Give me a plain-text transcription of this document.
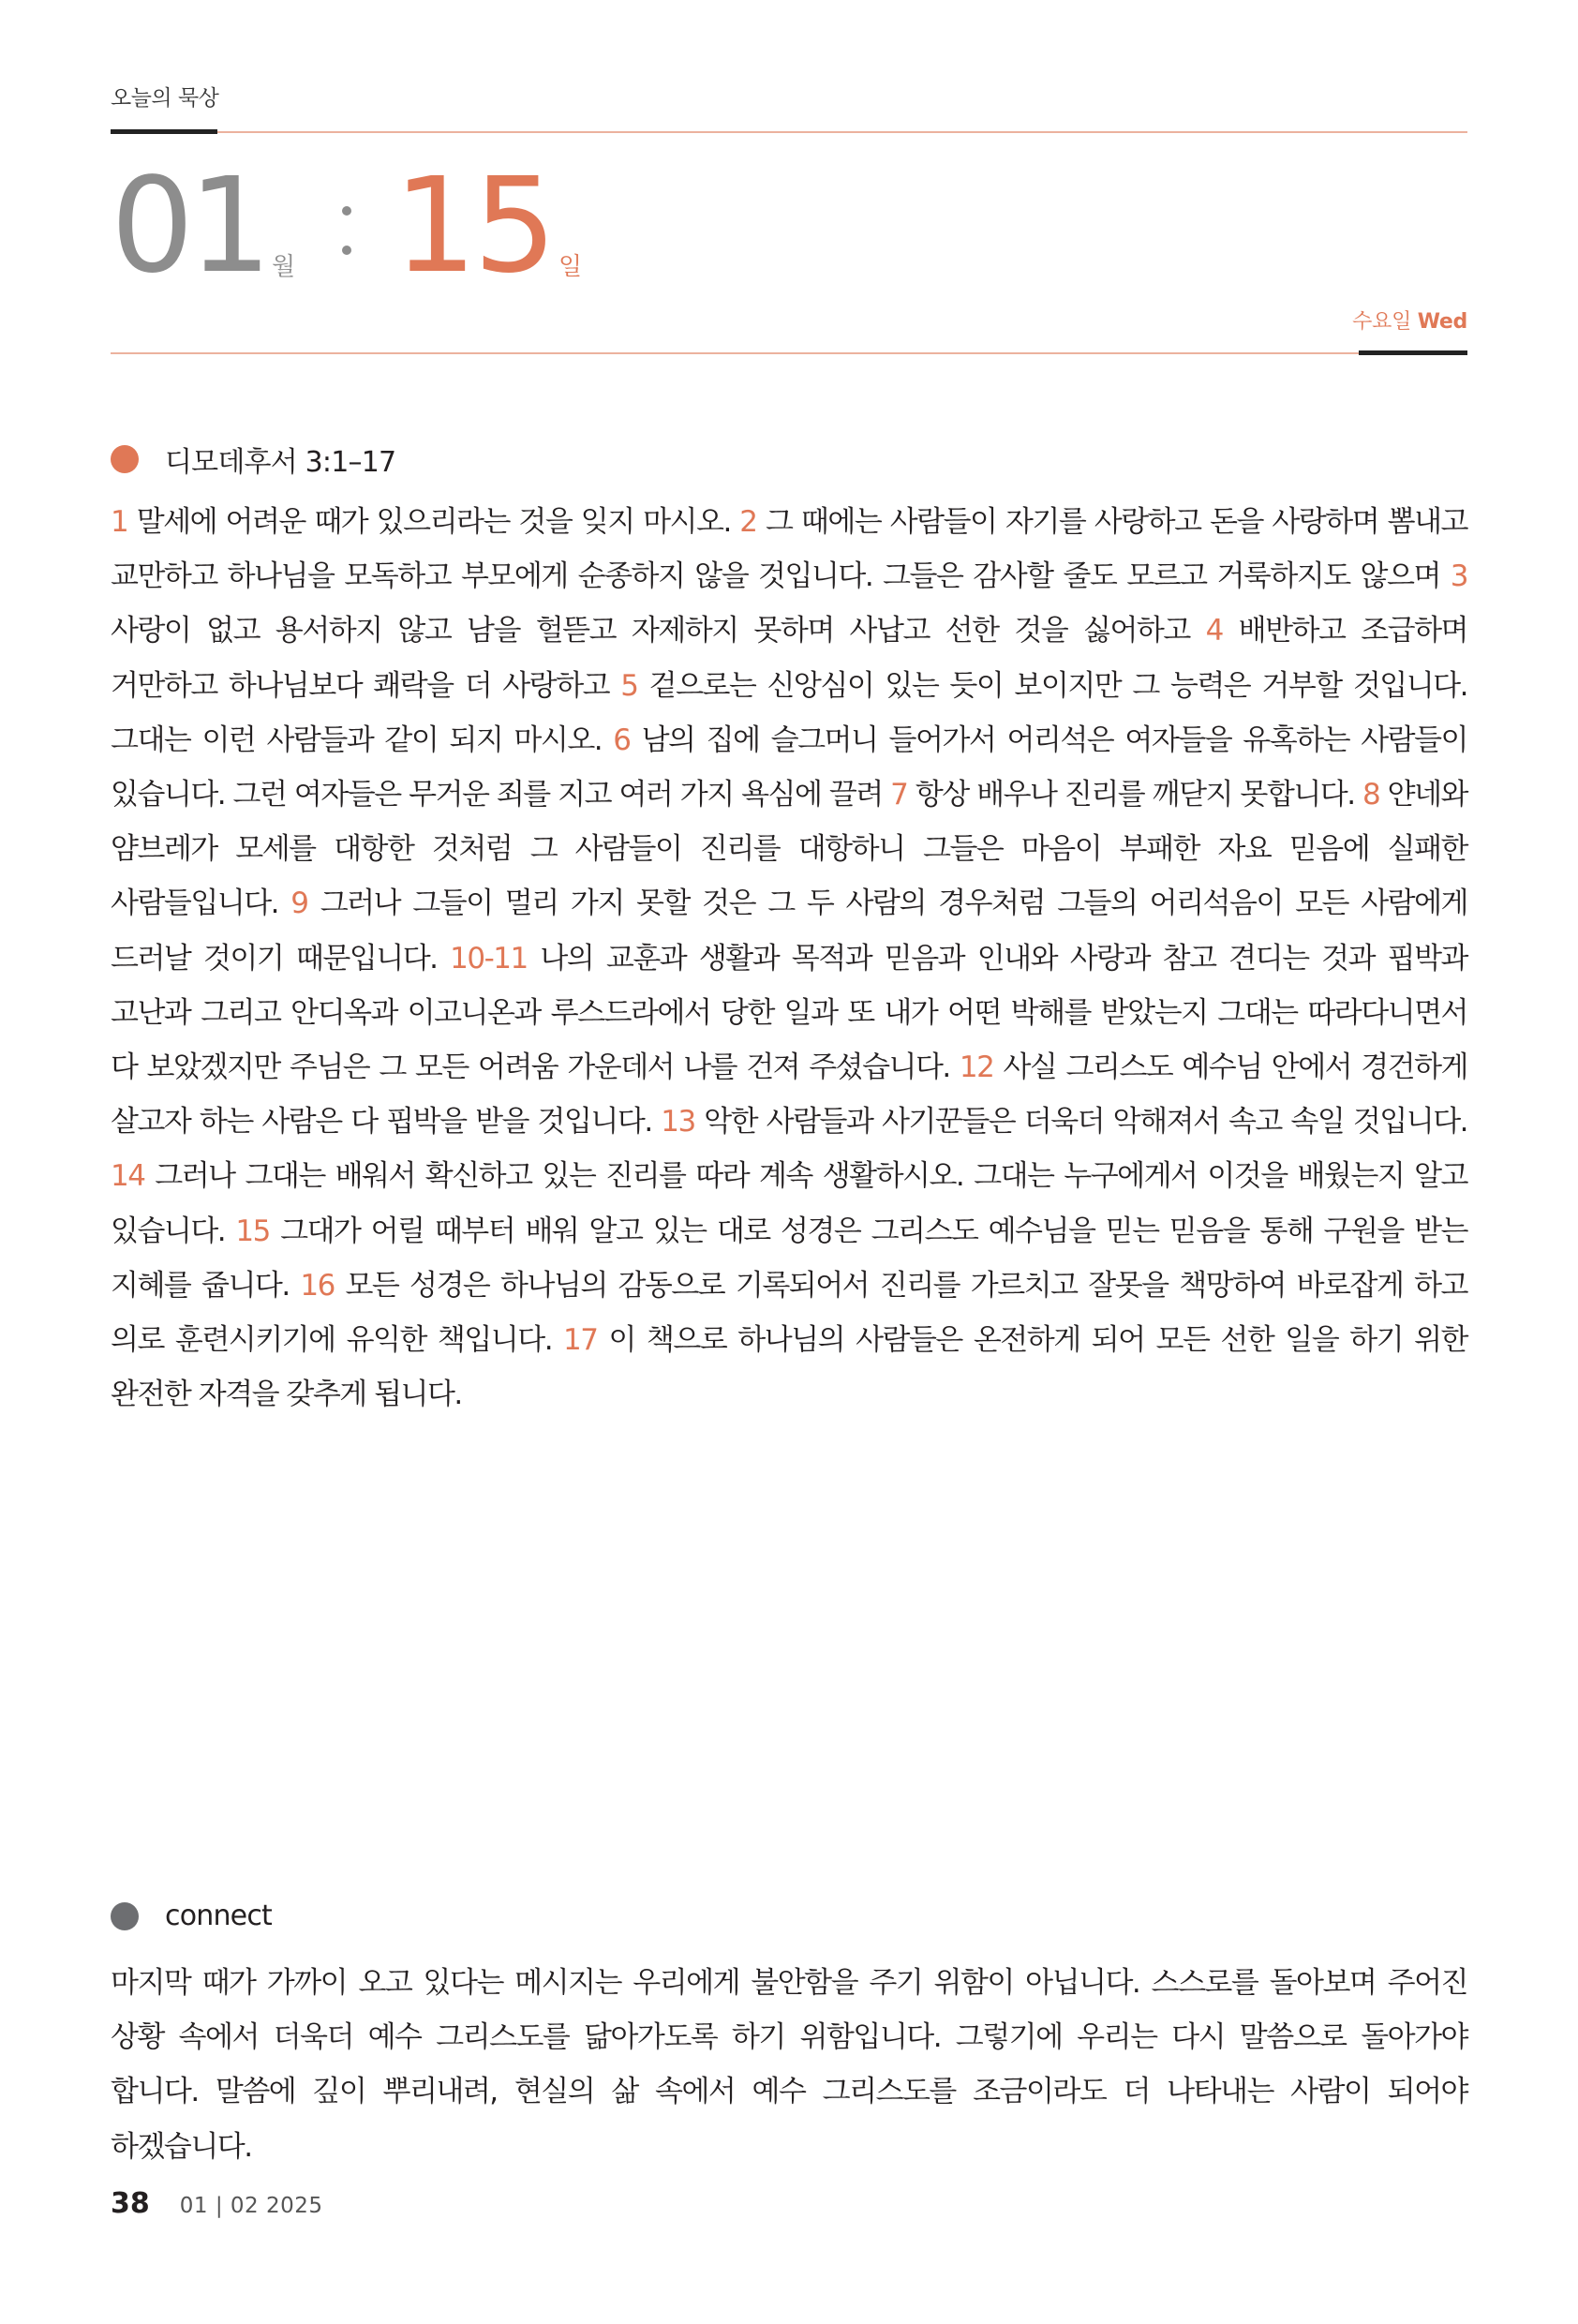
오늘의 묵상
01 월 15 일
수요일 Wed
디모데후서 3:1–17
1 말세에 어려운 때가 있으리라는 것을 잊지 마시오. 2 그 때에는 사람들이 자기를 사랑하고 돈을 사랑하며 뽐내고 교만하고 하나님을 모독하고 부모에게 순종하지 않을 것입니다. 그들은 감사할 줄도 모르고 거룩하지도 않으며 3 사랑이 없고 용서하지 않고 남을 헐뜯고 자제하지 못하며 사납고 선한 것을 싫어하고 4 배반하고 조급하며 거만하고 하나님보다 쾌락을 더 사랑하고 5 겉으로는 신앙심이 있는 듯이 보이지만 그 능력은 거부할 것입니다. 그대는 이런 사람들과 같이 되지 마시오. 6 남의 집에 슬그머니 들어가서 어리석은 여자들을 유혹하는 사람들이 있습니다. 그런 여자들은 무거운 죄를 지고 여러 가지 욕심에 끌려 7 항상 배우나 진리를 깨닫지 못합니다. 8 얀네와 얌브레가 모세를 대항한 것처럼 그 사람들이 진리를 대항하니 그들은 마음이 부패한 자요 믿음에 실패한 사람들입니다. 9 그러나 그들이 멀리 가지 못할 것은 그 두 사람의 경우처럼 그들의 어리석음이 모든 사람에게 드러날 것이기 때문입니다. 10-11 나의 교훈과 생활과 목적과 믿음과 인내와 사랑과 참고 견디는 것과 핍박과 고난과 그리고 안디옥과 이고니온과 루스드라에서 당한 일과 또 내가 어떤 박해를 받았는지 그대는 따라다니면서 다 보았겠지만 주님은 그 모든 어려움 가운데서 나를 건져 주셨습니다. 12 사실 그리스도 예수님 안에서 경건하게 살고자 하는 사람은 다 핍박을 받을 것입니다. 13 악한 사람들과 사기꾼들은 더욱더 악해져서 속고 속일 것입니다. 14 그러나 그대는 배워서 확신하고 있는 진리를 따라 계속 생활하시오. 그대는 누구에게서 이것을 배웠는지 알고 있습니다. 15 그대가 어릴 때부터 배워 알고 있는 대로 성경은 그리스도 예수님을 믿는 믿음을 통해 구원을 받는 지혜를 줍니다. 16 모든 성경은 하나님의 감동으로 기록되어서 진리를 가르치고 잘못을 책망하여 바로잡게 하고 의로 훈련시키기에 유익한 책입니다. 17 이 책으로 하나님의 사람들은 온전하게 되어 모든 선한 일을 하기 위한 완전한 자격을 갖추게 됩니다.
connect
마지막 때가 가까이 오고 있다는 메시지는 우리에게 불안함을 주기 위함이 아닙니다. 스스로를 돌아보며 주어진 상황 속에서 더욱더 예수 그리스도를 닮아가도록 하기 위함입니다. 그렇기에 우리는 다시 말씀으로 돌아가야 합니다. 말씀에 깊이 뿌리내려, 현실의 삶 속에서 예수 그리스도를 조금이라도 더 나타내는 사람이 되어야 하겠습니다.
38 01 | 02 2025
